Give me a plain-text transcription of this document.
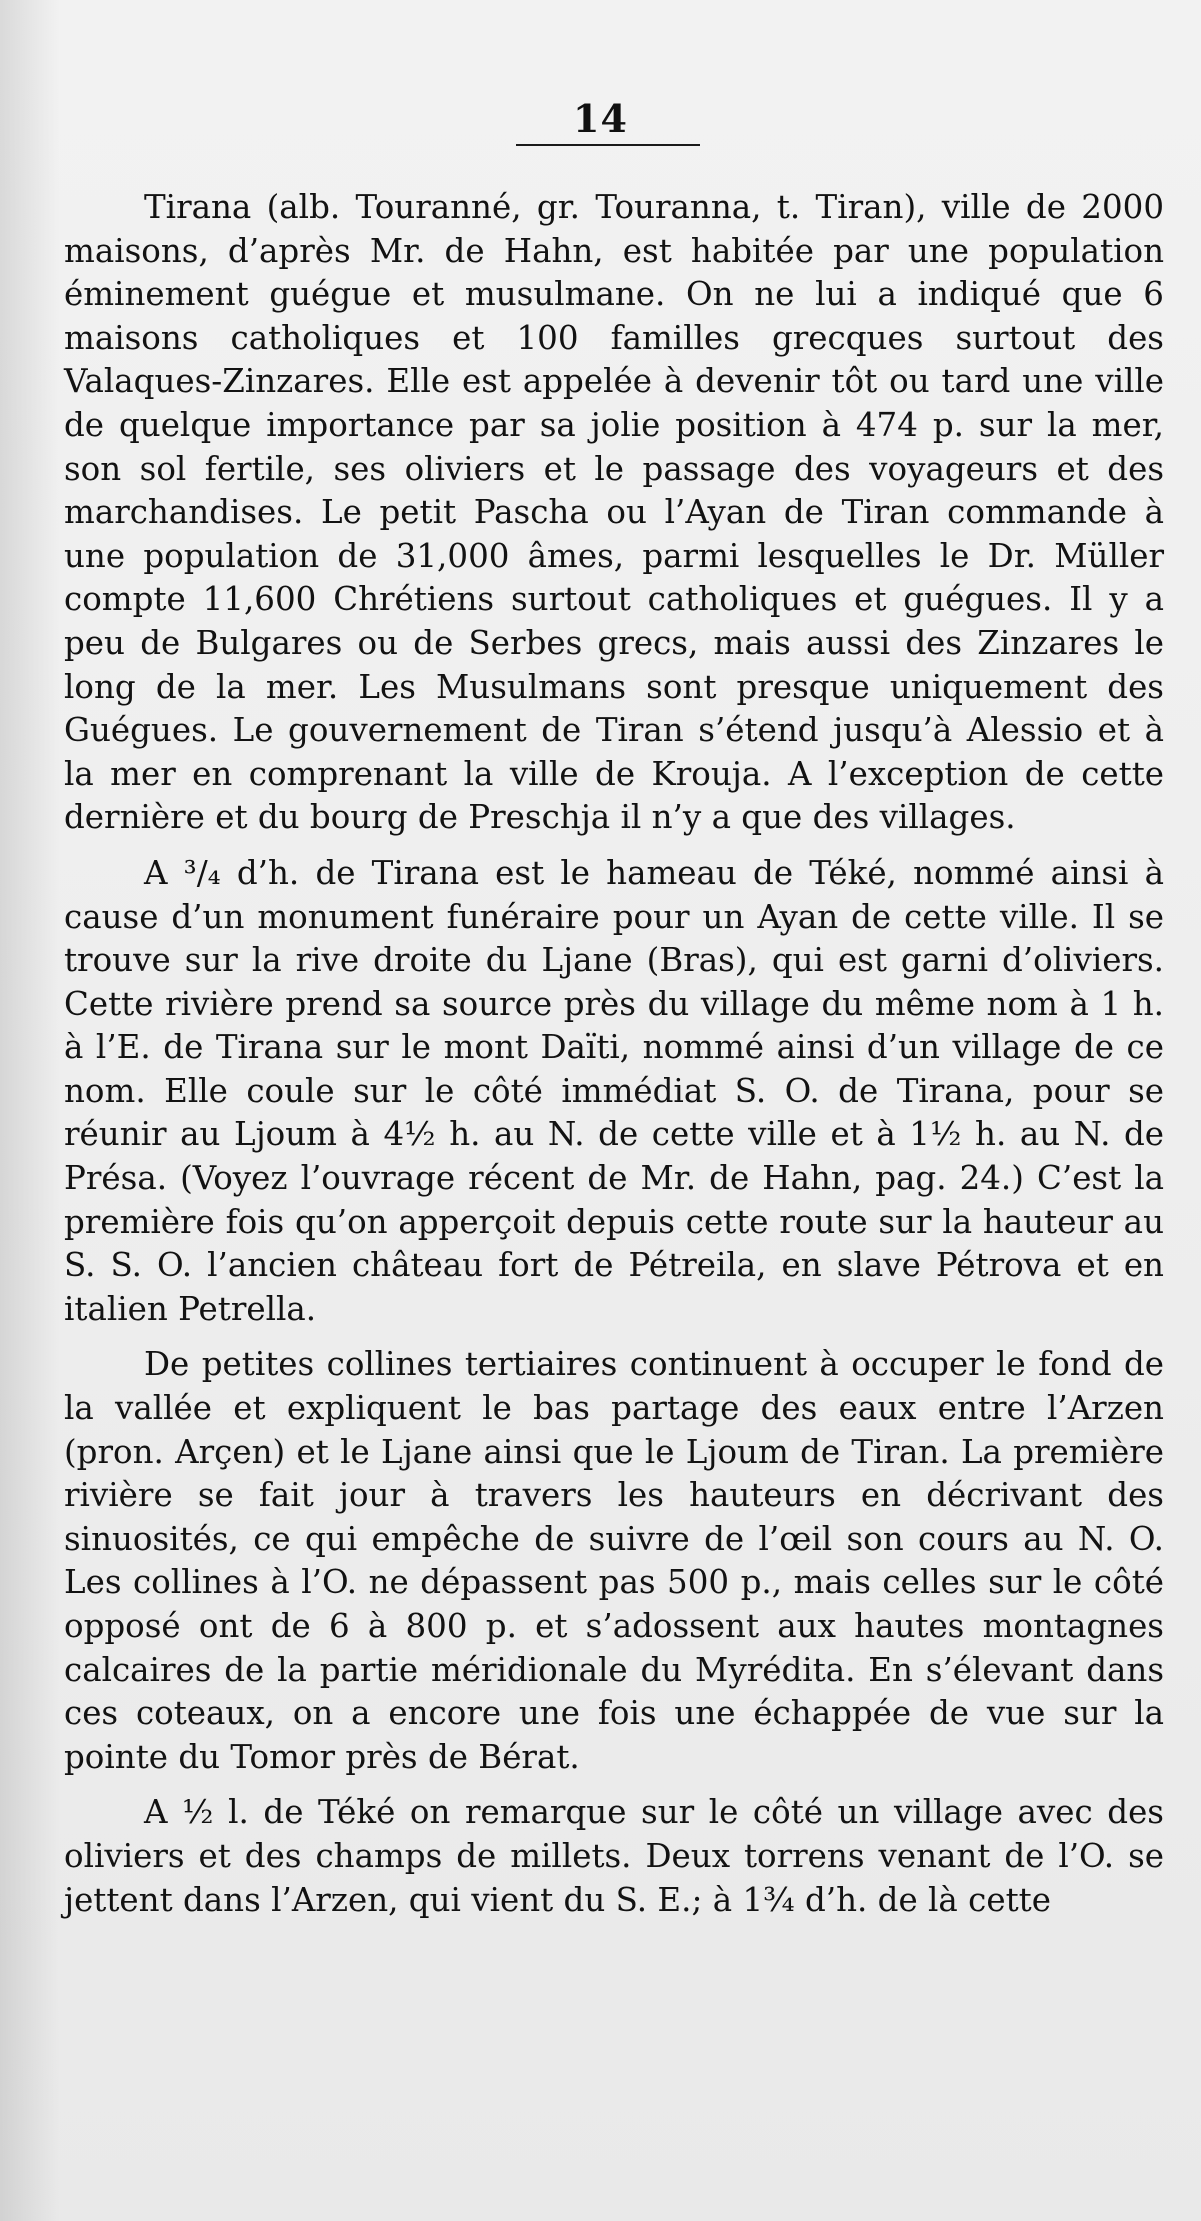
14

Tirana (alb. Touranné, gr. Touranna, t. Tiran), ville de 2000 maisons, d’après Mr. de Hahn, est habitée par une population éminement guégue et musulmane. On ne lui a indiqué que 6 maisons catholiques et 100 familles grecques surtout des Valaques-Zinzares. Elle est appelée à devenir tôt ou tard une ville de quelque importance par sa jolie position à 474 p. sur la mer, son sol fertile, ses oliviers et le passage des voyageurs et des marchandises. Le petit Pascha ou l’Ayan de Tiran commande à une population de 31,000 âmes, parmi lesquelles le Dr. Müller compte 11,600 Chrétiens surtout catholiques et guégues. Il y a peu de Bulgares ou de Serbes grecs, mais aussi des Zinzares le long de la mer. Les Musulmans sont presque uniquement des Guégues. Le gouvernement de Tiran s’étend jusqu’à Alessio et à la mer en comprenant la ville de Krouja. A l’exception de cette dernière et du bourg de Preschja il n’y a que des villages.

A ³/₄ d’h. de Tirana est le hameau de Téké, nommé ainsi à cause d’un monument funéraire pour un Ayan de cette ville. Il se trouve sur la rive droite du Ljane (Bras), qui est garni d’oliviers. Cette rivière prend sa source près du village du même nom à 1 h. à l’E. de Tirana sur le mont Daïti, nommé ainsi d’un village de ce nom. Elle coule sur le côté immédiat S. O. de Tirana, pour se réunir au Ljoum à 4½ h. au N. de cette ville et à 1½ h. au N. de Présa. (Voyez l’ouvrage récent de Mr. de Hahn, pag. 24.) C’est la première fois qu’on apperçoit depuis cette route sur la hauteur au S. S. O. l’ancien château fort de Pétreila, en slave Pétrova et en italien Petrella.

De petites collines tertiaires continuent à occuper le fond de la vallée et expliquent le bas partage des eaux entre l’Arzen (pron. Arçen) et le Ljane ainsi que le Ljoum de Tiran. La première rivière se fait jour à travers les hauteurs en décrivant des sinuosités, ce qui empêche de suivre de l’œil son cours au N. O. Les collines à l’O. ne dépassent pas 500 p., mais celles sur le côté opposé ont de 6 à 800 p. et s’adossent aux hautes montagnes calcaires de la partie méridionale du Myrédita. En s’élevant dans ces coteaux, on a encore une fois une échappée de vue sur la pointe du Tomor près de Bérat.

A ½ l. de Téké on remarque sur le côté un village avec des oliviers et des champs de millets. Deux torrens venant de l’O. se jettent dans l’Arzen, qui vient du S. E.; à 1¾ d’h. de là cette
